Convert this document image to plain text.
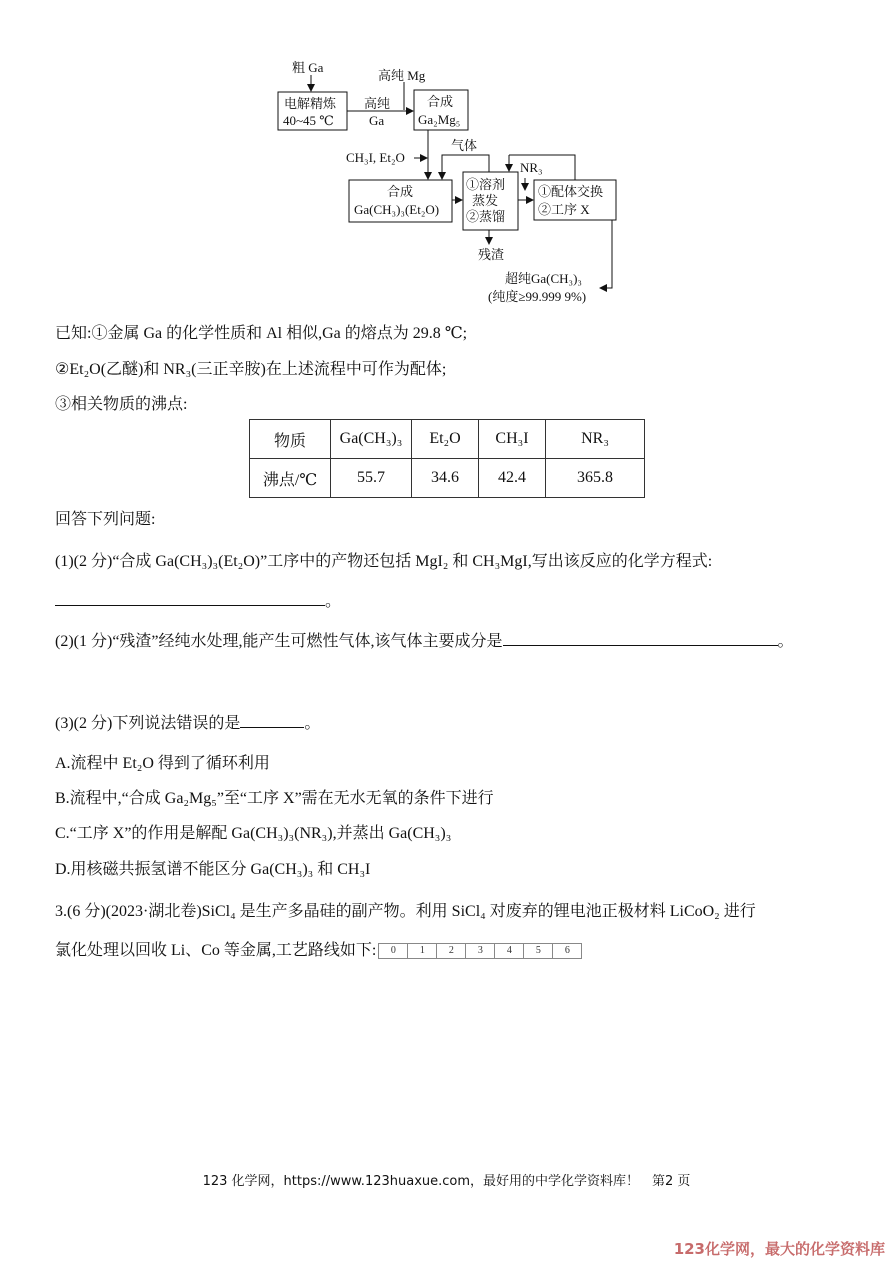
粗 Ga
电解精炼
40~45 ℃
高纯
Ga
高纯 Mg
合成
Ga₂Mg₅
气体
CH₃I, Et₂O
NR₃
合成
Ga(CH₃)₃(Et₂O)
①溶剂
蒸发
②蒸馏
残渣
①配体交换
②工序 X
超纯Ga(CH₃)₃
(纯度≥99.999 9%)
已知:①金属 Ga 的化学性质和 Al 相似,Ga 的熔点为 29.8 ℃;
②Et₂O(乙醚)和 NR₃(三正辛胺)在上述流程中可作为配体;
③相关物质的沸点:
物质	Ga(CH₃)₃	Et₂O	CH₃I	NR₃
沸点/℃	55.7	34.6	42.4	365.8
回答下列问题:
(1)(2 分)“合成 Ga(CH₃)₃(Et₂O)”工序中的产物还包括 MgI₂ 和 CH₃MgI,写出该反应的化学方程式:
。
(2)(1 分)“残渣”经纯水处理,能产生可燃性气体,该气体主要成分是	。
(3)(2 分)下列说法错误的是	。
A.流程中 Et₂O 得到了循环利用
B.流程中,“合成 Ga₂Mg₅”至“工序 X”需在无水无氧的条件下进行
C.“工序 X”的作用是解配 Ga(CH₃)₃(NR₃),并蒸出 Ga(CH₃)₃
D.用核磁共振氢谱不能区分 Ga(CH₃)₃ 和 CH₃I
3.(6 分)(2023·湖北卷)SiCl₄ 是生产多晶硅的副产物。利用 SiCl₄ 对废弃的锂电池正极材料 LiCoO₂ 进行
氯化处理以回收 Li、Co 等金属,工艺路线如下:	0	1	2	3	4	5	6
123 化学网，https://www.123huaxue.com，最好用的中学化学资料库！　第2 页
123化学网，最大的化学资料库
